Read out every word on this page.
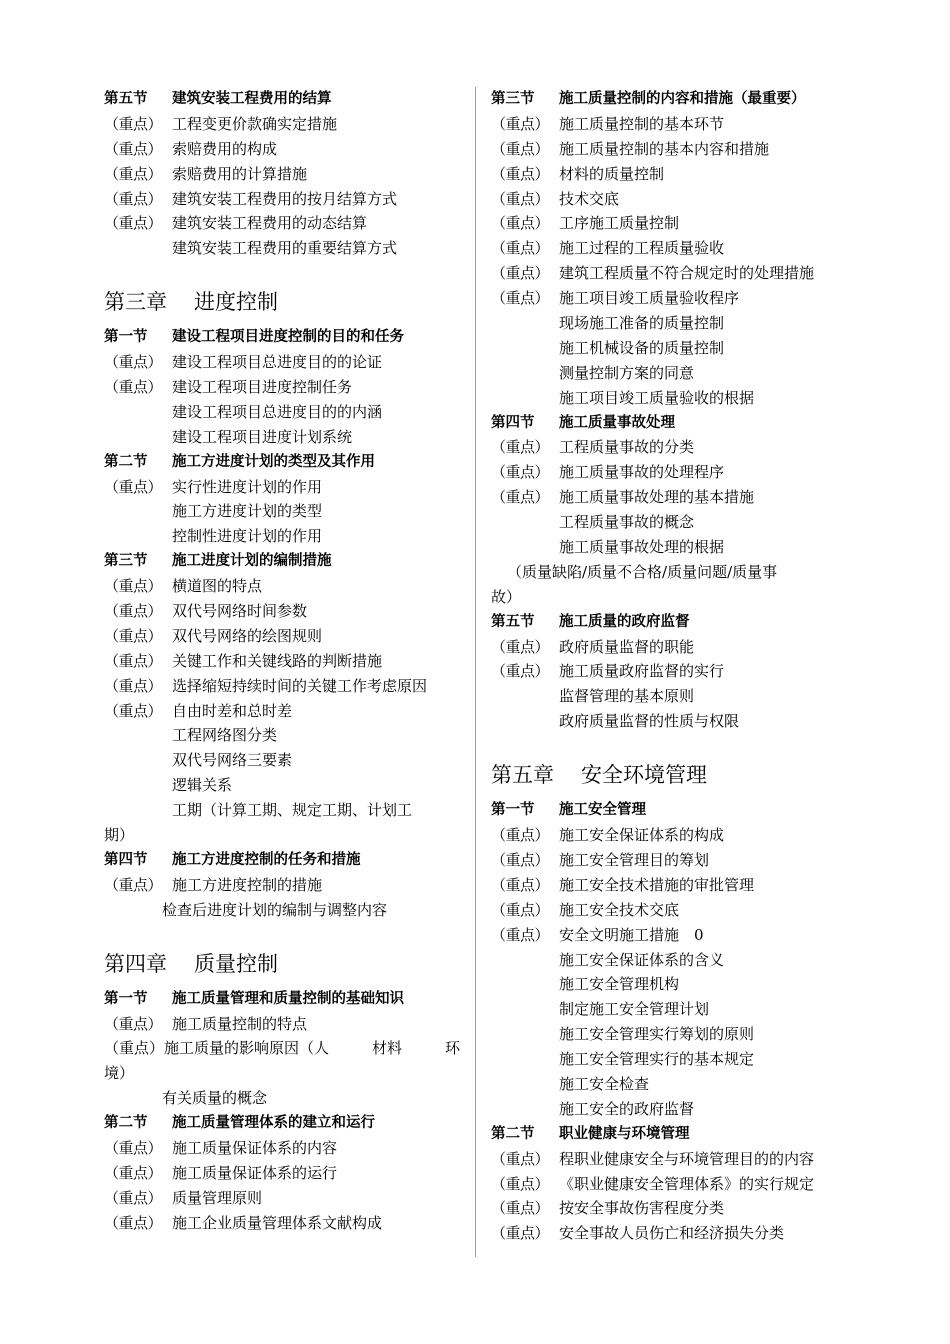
第五节 建筑安装工程费用的结算
（重点） 工程变更价款确实定措施
（重点） 索赔费用的构成
（重点） 索赔费用的计算措施
（重点） 建筑安装工程费用的按月结算方式
（重点） 建筑安装工程费用的动态结算
建筑安装工程费用的重要结算方式
第三章 进度控制
第一节 建设工程项目进度控制的目的和任务
（重点） 建设工程项目总进度目的的论证
（重点） 建设工程项目进度控制任务
建设工程项目总进度目的的内涵
建设工程项目进度计划系统
第二节 施工方进度计划的类型及其作用
（重点） 实行性进度计划的作用
施工方进度计划的类型
控制性进度计划的作用
第三节 施工进度计划的编制措施
（重点） 横道图的特点
（重点） 双代号网络时间参数
（重点） 双代号网络的绘图规则
（重点） 关键工作和关键线路的判断措施
（重点） 选择缩短持续时间的关键工作考虑原因
（重点） 自由时差和总时差
工程网络图分类
双代号网络三要素
逻辑关系
工期（计算工期、规定工期、计划工
期）
第四节 施工方进度控制的任务和措施
（重点） 施工方进度控制的措施
检查后进度计划的编制与调整内容
第四章 质量控制
第一节 施工质量管理和质量控制的基础知识
（重点） 施工质量控制的特点
（重点）施工质量的影响原因（人	材料	环
境）
有关质量的概念
第二节 施工质量管理体系的建立和运行
（重点） 施工质量保证体系的内容
（重点） 施工质量保证体系的运行
（重点） 质量管理原则
（重点） 施工企业质量管理体系文献构成
第三节 施工质量控制的内容和措施（最重要）
（重点） 施工质量控制的基本环节
（重点） 施工质量控制的基本内容和措施
（重点） 材料的质量控制
（重点） 技术交底
（重点） 工序施工质量控制
（重点） 施工过程的工程质量验收
（重点） 建筑工程质量不符合规定时的处理措施
（重点） 施工项目竣工质量验收程序
现场施工准备的质量控制
施工机械设备的质量控制
测量控制方案的同意
施工项目竣工质量验收的根据
第四节 施工质量事故处理
（重点） 工程质量事故的分类
（重点） 施工质量事故的处理程序
（重点） 施工质量事故处理的基本措施
工程质量事故的概念
施工质量事故处理的根据
（质量缺陷/质量不合格/质量问题/质量事
故）
第五节 施工质量的政府监督
（重点） 政府质量监督的职能
（重点） 施工质量政府监督的实行
监督管理的基本原则
政府质量监督的性质与权限
第五章 安全环境管理
第一节 施工安全管理
（重点） 施工安全保证体系的构成
（重点） 施工安全管理目的筹划
（重点） 施工安全技术措施的审批管理
（重点） 施工安全技术交底
（重点） 安全文明施工措施　0
施工安全保证体系的含义
施工安全管理机构
制定施工安全管理计划
施工安全管理实行筹划的原则
施工安全管理实行的基本规定
施工安全检查
施工安全的政府监督
第二节 职业健康与环境管理
（重点） 程职业健康安全与环境管理目的的内容
（重点） 《职业健康安全管理体系》的实行规定
（重点） 按安全事故伤害程度分类
（重点） 安全事故人员伤亡和经济损失分类
